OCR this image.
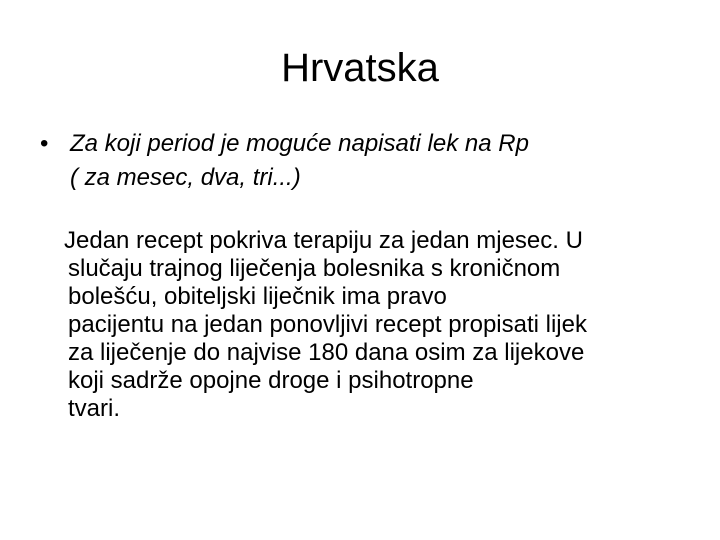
Hrvatska
• Za koji period je moguće napisati lek na Rp
( za mesec, dva, tri...)
Jedan recept pokriva terapiju za jedan mjesec. U
slučaju trajnog liječenja bolesnika s kroničnom
bolešću, obiteljski liječnik ima pravo
pacijentu na jedan ponovljivi recept propisati lijek
za liječenje do najvise 180 dana osim za lijekove
koji sadrže opojne droge i psihotropne
tvari.
